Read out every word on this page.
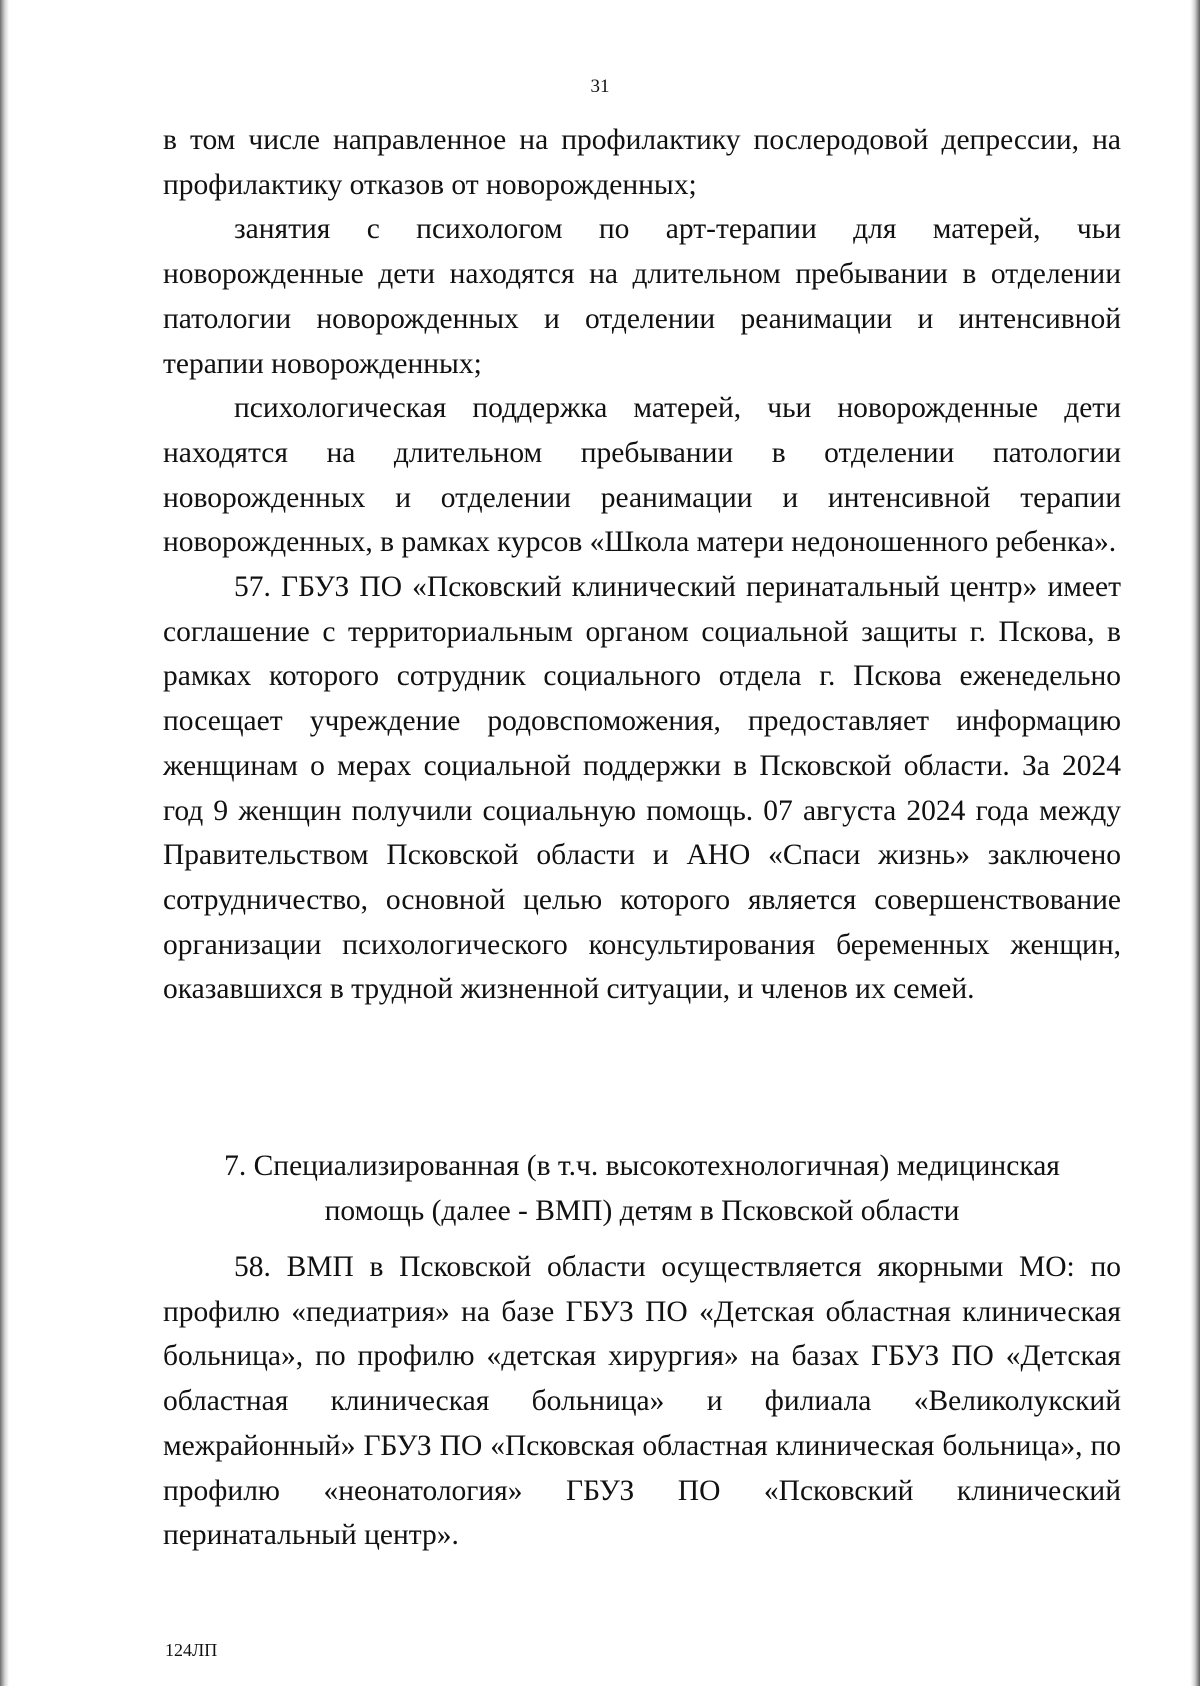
31

в том числе направленное на профилактику послеродовой депрессии, на профилактику отказов от новорожденных;

занятия с психологом по арт-терапии для матерей, чьи новорожденные дети находятся на длительном пребывании в отделении патологии новорожденных и отделении реанимации и интенсивной терапии новорожденных;

психологическая поддержка матерей, чьи новорожденные дети находятся на длительном пребывании в отделении патологии новорожденных и отделении реанимации и интенсивной терапии новорожденных, в рамках курсов «Школа матери недоношенного ребенка».

57. ГБУЗ ПО «Псковский клинический перинатальный центр» имеет соглашение с территориальным органом социальной защиты г. Пскова, в рамках которого сотрудник социального отдела г. Пскова еженедельно посещает учреждение родовспоможения, предоставляет информацию женщинам о мерах социальной поддержки в Псковской области. За 2024 год 9 женщин получили социальную помощь. 07 августа 2024 года между Правительством Псковской области и АНО «Спаси жизнь» заключено сотрудничество, основной целью которого является совершенствование организации психологического консультирования беременных женщин, оказавшихся в трудной жизненной ситуации, и членов их семей.

7. Специализированная (в т.ч. высокотехнологичная) медицинская
помощь (далее - ВМП) детям в Псковской области

58. ВМП в Псковской области осуществляется якорными МО: по профилю «педиатрия» на базе ГБУЗ ПО «Детская областная клиническая больница», по профилю «детская хирургия» на базах ГБУЗ ПО «Детская областная клиническая больница» и филиала «Великолукский межрайонный» ГБУЗ ПО «Псковская областная клиническая больница», по профилю «неонатология» ГБУЗ ПО «Псковский клинический перинатальный центр».

124ЛП
